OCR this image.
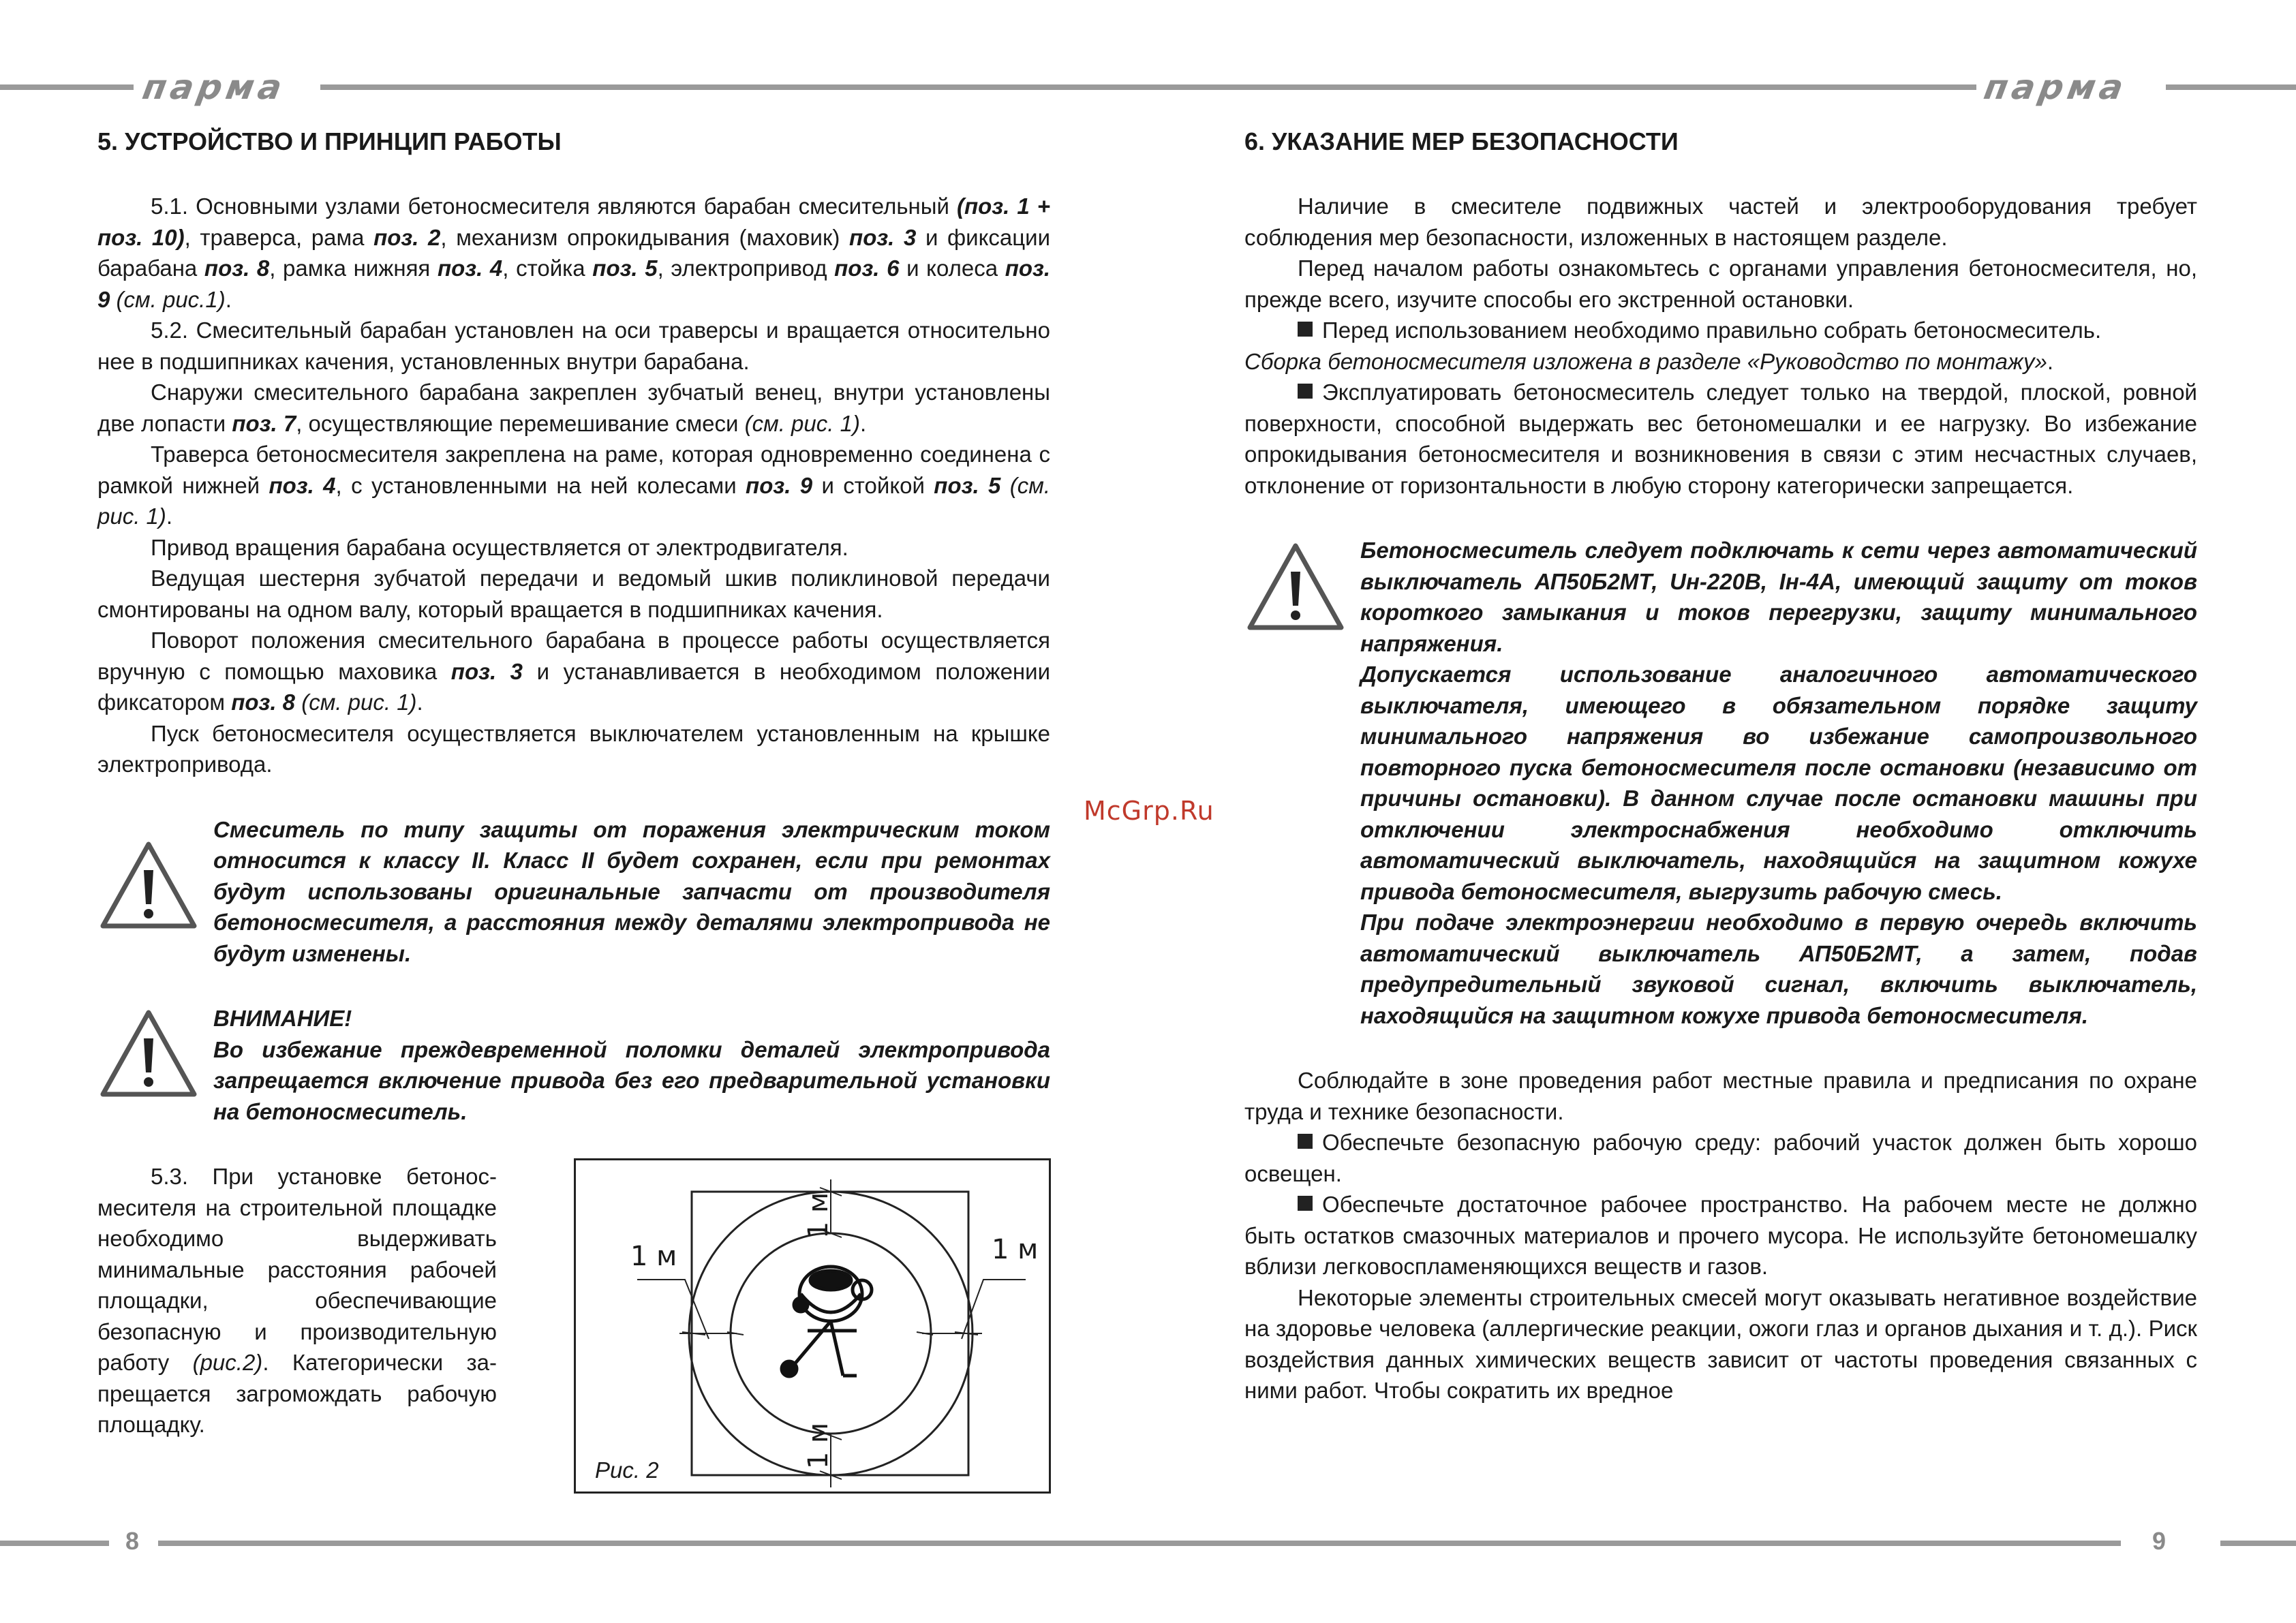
парма	парма
8	9
McGrp.Ru
5. УСТРОЙСТВО И ПРИНЦИП РАБОТЫ

5.1. Основными узлами бетоносмесителя являются барабан смесительный (поз. 1 + поз. 10), траверса, рама поз. 2, механизм опрокидывания (маховик) поз. 3 и фиксации барабана поз. 8, рамка нижняя поз. 4, стойка поз. 5, электропривод поз. 6 и колеса поз. 9 (см. рис.1).

5.2. Смесительный барабан установлен на оси траверсы и вращается относительно нее в подшипниках качения, установленных внутри барабана.

Снаружи смесительного барабана закреплен зубчатый венец, внутри установлены две лопасти поз. 7, осуществляющие перемешивание смеси (см. рис. 1).

Траверса бетоносмесителя закреплена на раме, которая одновременно соединена с рамкой нижней поз. 4, с установленными на ней колесами поз. 9 и стойкой поз. 5 (см. рис. 1).

Привод вращения барабана осуществляется от электродвигателя.

Ведущая шестерня зубчатой передачи и ведомый шкив поликлиновой передачи смонтированы на одном валу, который вращается в подшипниках качения.

Поворот положения смесительного барабана в процессе работы осуществляется вручную с помощью маховика поз. 3 и устанавливается в необходимом положении фиксатором поз. 8 (см. рис. 1).

Пуск бетоносмесителя осуществляется выключателем установленным на крышке электропривода.

Смеситель по типу защиты от поражения электрическим током относится к классу II. Класс II будет сохранен, если при ремонтах будут использованы оригинальные запчасти от производителя бетоносмесителя, а расстояния между деталями электропривода не будут изменены.

ВНИМАНИЕ!

Во избежание преждевременной поломки деталей электропривода запрещается включение привода без его предварительной установки на бетоносмеситель.

5.3. При установке бетоносмесителя на строительной площадке необходимо выдерживать минимальные расстояния рабочей площадки, обеспечивающие безопасную и производительную работу (рис.2). Категорически запрещается загромождать рабочую площадку.

1 м	1 м
1 м
1 м
Рис. 2
6. УКАЗАНИЕ МЕР БЕЗОПАСНОСТИ

Наличие в смесителе подвижных частей и электрооборудования требует соблюдения мер безопасности, изложенных в настоящем разделе.

Перед началом работы ознакомьтесь с органами управления бетоносмесителя, но, прежде всего, изучите способы его экстренной остановки.

Перед использованием необходимо правильно собрать бетоносмеситель.

Сборка бетоносмесителя изложена в разделе «Руководство по монтажу».

Эксплуатировать бетоносмеситель следует только на твердой, плоской, ровной поверхности, способной выдержать вес бетономешалки и ее нагрузку. Во избежание опрокидывания бетоносмесителя и возникновения в связи с этим несчастных случаев, отклонение от горизонтальности в любую сторону категорически запрещается.

Бетоносмеситель следует подключать к сети через автоматический выключатель АП50Б2МТ, Uн-220В, Iн-4А, имеющий защиту от токов короткого замыкания и токов перегрузки, защиту минимального напряжения.

Допускается использование аналогичного автоматического выключателя, имеющего в обязательном порядке защиту минимального напряжения во избежание самопроизвольного повторного пуска бетоносмесителя после остановки (независимо от причины остановки). В данном случае после остановки машины при отключении электроснабжения необходимо отключить автоматический выключатель, находящийся на защитном кожухе привода бетоносмесителя, выгрузить рабочую смесь.

При подаче электроэнергии необходимо в первую очередь включить автоматический выключатель АП50Б2МТ, а затем, подав предупредительный звуковой сигнал, включить выключатель, находящийся на защитном кожухе привода бетоносмесителя.

Соблюдайте в зоне проведения работ местные правила и предписания по охране труда и технике безопасности.

Обеспечьте безопасную рабочую среду: рабочий участок должен быть хорошо освещен.

Обеспечьте достаточное рабочее пространство. На рабочем месте не должно быть остатков смазочных материалов и прочего мусора. Не используйте бетономешалку вблизи легковоспламеняющихся веществ и газов.

Некоторые элементы строительных смесей могут оказывать негативное воздействие на здоровье человека (аллергические реакции, ожоги глаз и органов дыхания и т. д.). Риск воздействия данных химических веществ зависит от частоты проведения связанных с ними работ. Чтобы сократить их вредное
